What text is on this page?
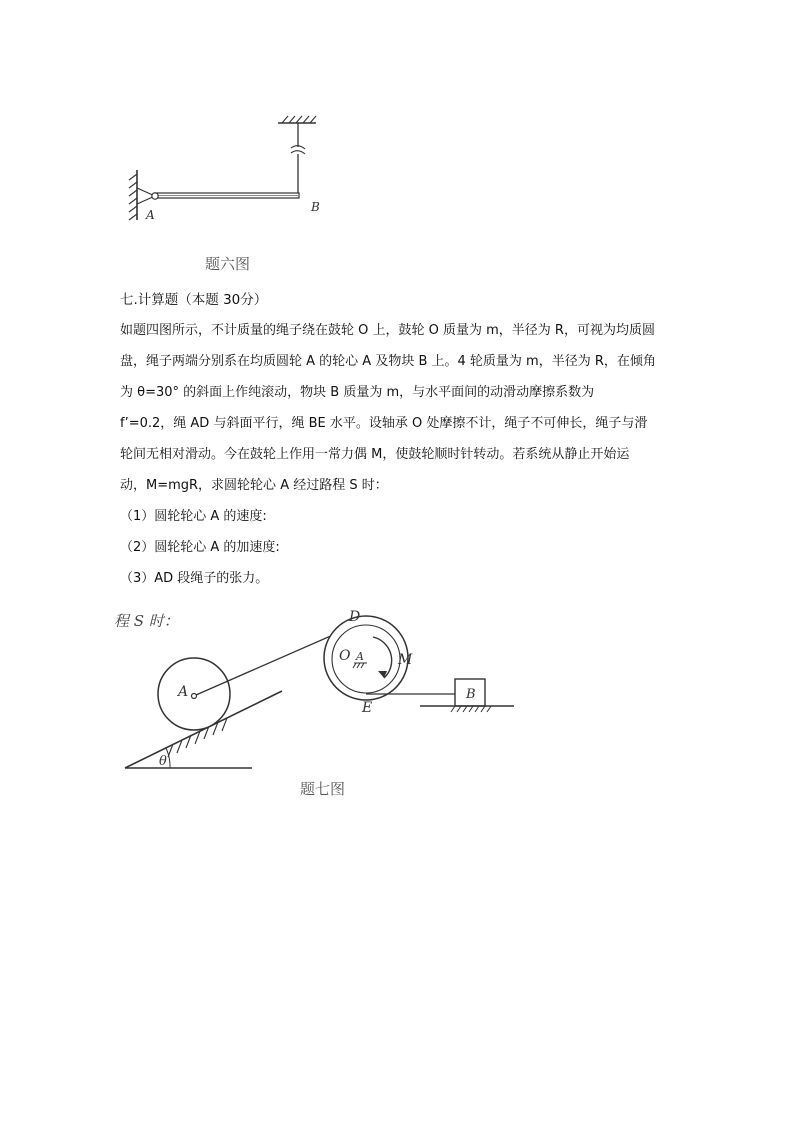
A
B
题六图
七.计算题（本题 30分）
如题四图所示，不计质量的绳子绕在鼓轮 O 上，鼓轮 O 质量为 m，半径为 R，可视为均质圆
盘，绳子两端分别系在均质圆轮 A 的轮心 A 及物块 B 上。4 轮质量为 m，半径为 R，在倾角
为 θ=30° 的斜面上作纯滚动，物块 B 质量为 m，与水平面间的动滑动摩擦系数为
f’=0.2，绳 AD 与斜面平行，绳 BE 水平。设轴承 O 处摩擦不计，绳子不可伸长，绳子与滑
轮间无相对滑动。今在鼓轮上作用一常力偶 M，使鼓轮顺时针转动。若系统从静止开始运
动，M=mgR，求圆轮轮心 A 经过路程 S 时：
（1）圆轮轮心 A 的速度:
（2）圆轮轮心 A 的加速度:
（3）AD 段绳子的张力。
程 S 时：
θ
A
O A
D
M
E
B
题七图
